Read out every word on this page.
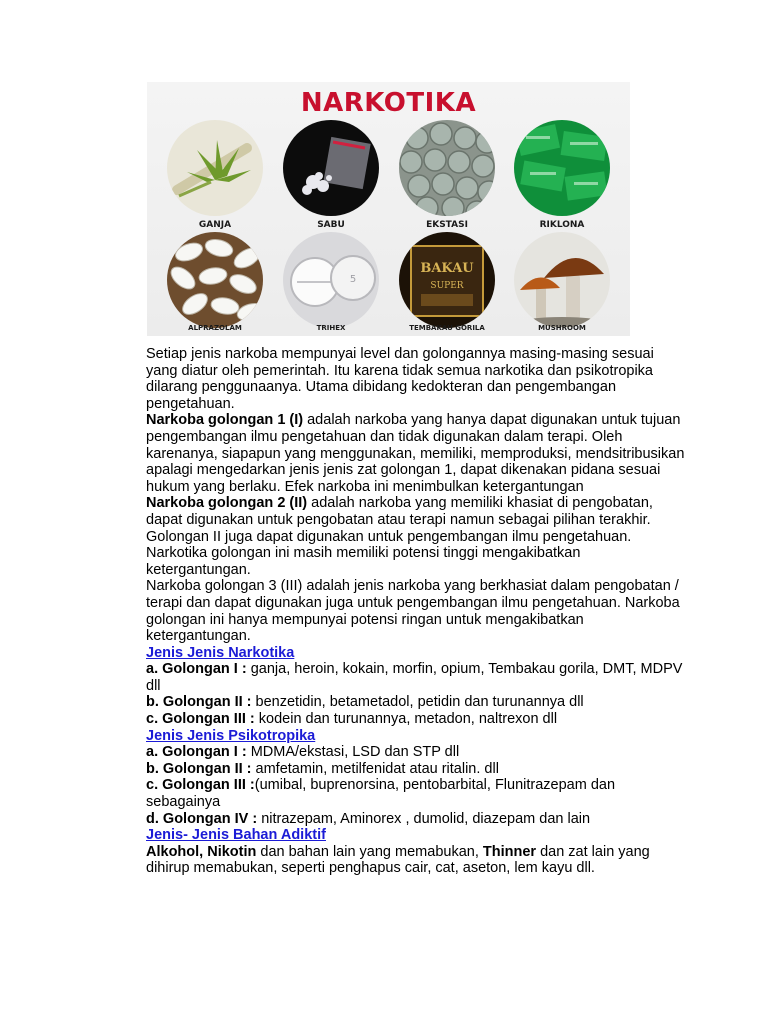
NARKOTIKA
GANJA	SABU	EKSTASI	RIKLONA
ALPRAZOLAM
5
TRIHEX
BAKAU
SUPER
TEMBAKAU GORILA	MUSHROOM

Setiap jenis narkoba mempunyai level dan golongannya masing-masing sesuai yang diatur oleh pemerintah. Itu karena tidak semua narkotika dan psikotropika dilarang penggunaanya. Utama dibidang kedokteran dan pengembangan pengetahuan.

Narkoba golongan 1 (I) adalah narkoba yang hanya dapat digunakan untuk tujuan pengembangan ilmu pengetahuan dan tidak digunakan dalam terapi. Oleh karenanya, siapapun yang menggunakan, memiliki, memproduksi, mendsitribusikan apalagi mengedarkan jenis jenis zat golongan 1, dapat dikenakan pidana sesuai hukum yang berlaku. Efek narkoba ini menimbulkan ketergantungan

Narkoba golongan 2 (II) adalah narkoba yang memiliki khasiat di pengobatan, dapat digunakan untuk pengobatan atau terapi namun sebagai pilihan terakhir. Golongan II juga dapat digunakan untuk pengembangan ilmu pengetahuan. Narkotika golongan ini masih memiliki potensi tinggi mengakibatkan ketergantungan.

Narkoba golongan 3 (III) adalah jenis narkoba yang berkhasiat dalam pengobatan / terapi dan dapat digunakan juga untuk pengembangan ilmu pengetahuan. Narkoba golongan ini hanya mempunyai potensi ringan untuk mengakibatkan ketergantungan.

Jenis Jenis Narkotika

a. Golongan I : ganja, heroin, kokain, morfin, opium, Tembakau gorila, DMT, MDPV dll

b. Golongan II : benzetidin, betametadol, petidin dan turunannya dll

c. Golongan III : kodein dan turunannya, metadon, naltrexon dll

Jenis Jenis Psikotropika

a. Golongan I : MDMA/ekstasi, LSD dan STP dll

b. Golongan II : amfetamin, metilfenidat atau ritalin. dll

c. Golongan III :(umibal, buprenorsina, pentobarbital, Flunitrazepam dan sebagainya

d. Golongan IV : nitrazepam, Aminorex , dumolid, diazepam dan lain

Jenis- Jenis Bahan Adiktif

Alkohol, Nikotin dan bahan lain yang memabukan, Thinner dan zat lain yang dihirup memabukan, seperti penghapus cair, cat, aseton, lem kayu dll.
